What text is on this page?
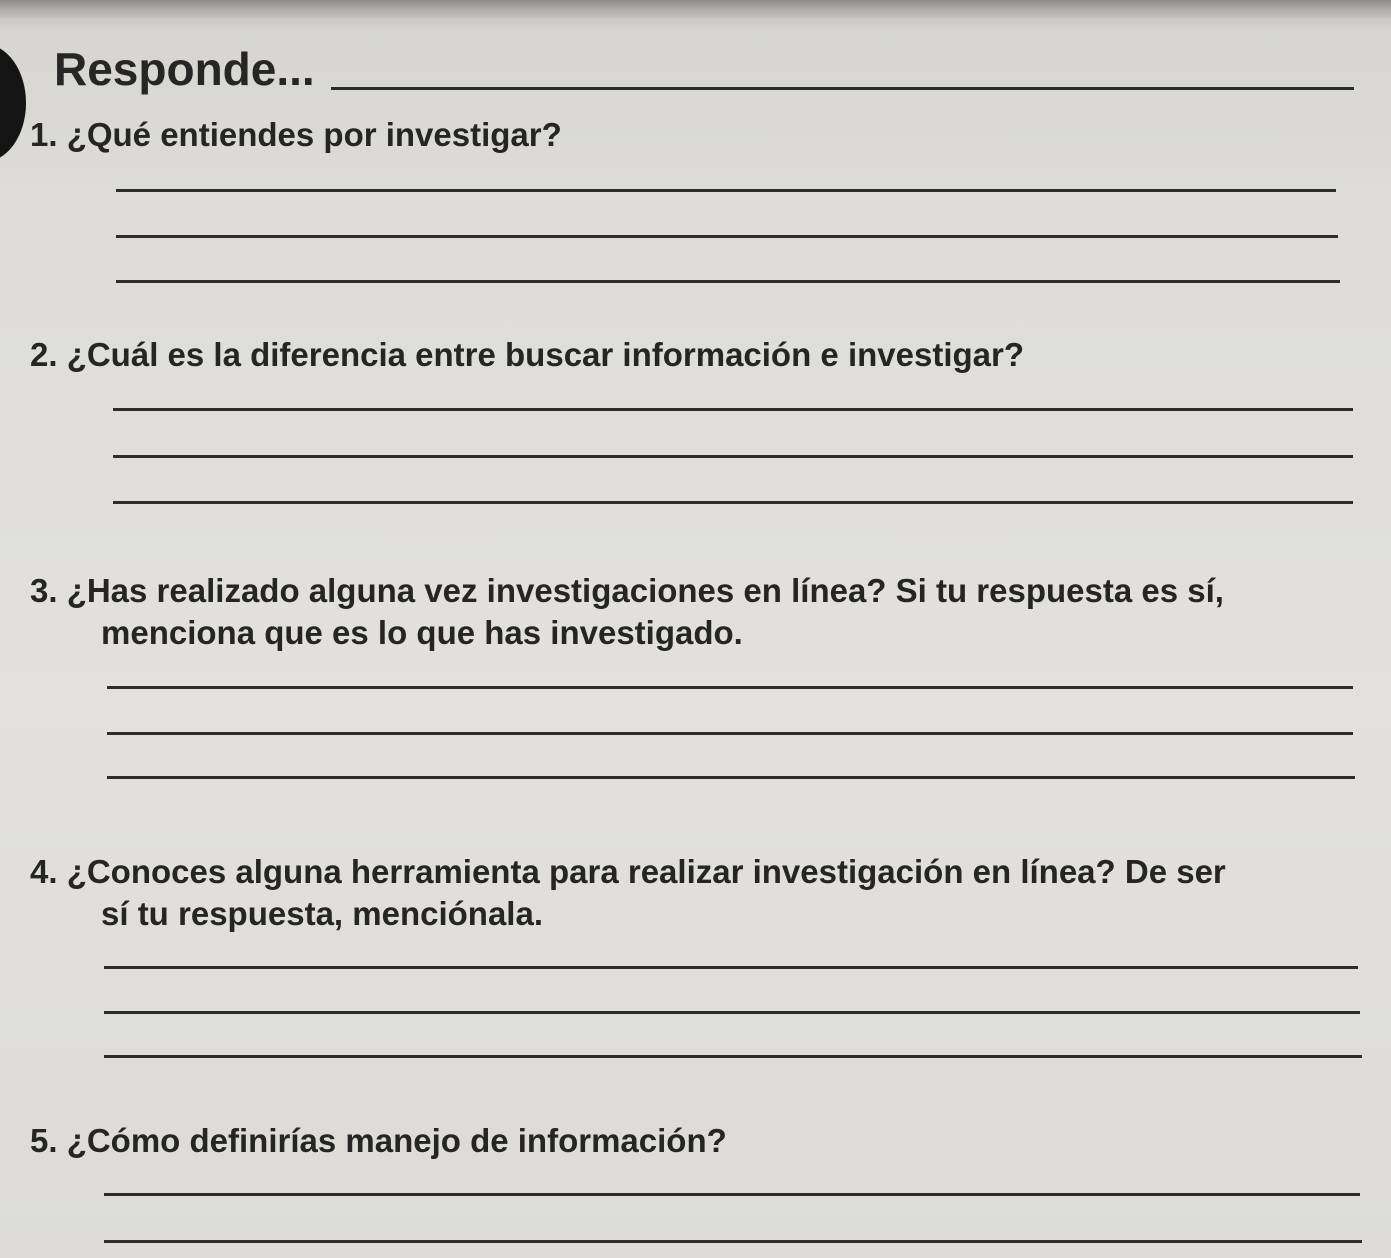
Responde...
1. ¿Qué entiendes por investigar?
2. ¿Cuál es la diferencia entre buscar información e investigar?
3. ¿Has realizado alguna vez investigaciones en línea? Si tu respuesta es sí,
menciona que es lo que has investigado.
4. ¿Conoces alguna herramienta para realizar investigación en línea? De ser
sí tu respuesta, menciónala.
5. ¿Cómo definirías manejo de información?
